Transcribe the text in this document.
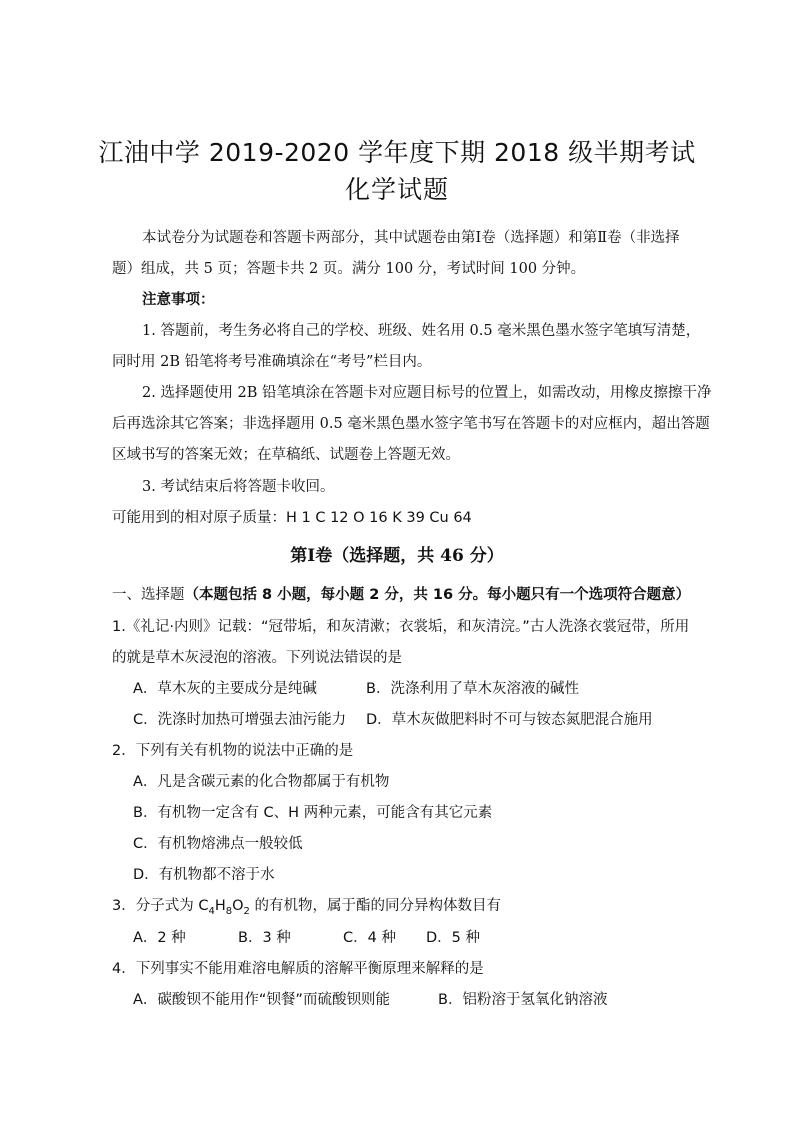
江油中学 2019-2020 学年度下期 2018 级半期考试
化学试题
本试卷分为试题卷和答题卡两部分，其中试题卷由第Ⅰ卷（选择题）和第Ⅱ卷（非选择
题）组成，共 5 页；答题卡共 2 页。满分 100 分，考试时间 100 分钟。
注意事项：
1. 答题前，考生务必将自己的学校、班级、姓名用 0.5 毫米黑色墨水签字笔填写清楚，
同时用 2B 铅笔将考号准确填涂在“考号”栏目内。
2. 选择题使用 2B 铅笔填涂在答题卡对应题目标号的位置上，如需改动，用橡皮擦擦干净
后再选涂其它答案；非选择题用 0.5 毫米黑色墨水签字笔书写在答题卡的对应框内，超出答题
区域书写的答案无效；在草稿纸、试题卷上答题无效。
3. 考试结束后将答题卡收回。
可能用到的相对原子质量：H 1 C 12 O 16 K 39 Cu 64
第Ⅰ卷（选择题，共 46 分）
一、选择题（本题包括 8 小题，每小题 2 分，共 16 分。每小题只有一个选项符合题意）
1.《礼记·内则》记载：“冠带垢，和灰清漱；衣裳垢，和灰清浣。”古人洗涤衣裳冠带，所用
的就是草木灰浸泡的溶液。下列说法错误的是
A．草木灰的主要成分是纯碱	B．洗涤利用了草木灰溶液的碱性
C．洗涤时加热可增强去油污能力 D．草木灰做肥料时不可与铵态氮肥混合施用
2．下列有关有机物的说法中正确的是
A．凡是含碳元素的化合物都属于有机物
B．有机物一定含有 C、H 两种元素，可能含有其它元素
C．有机物熔沸点一般较低
D．有机物都不溶于水
3．分子式为 $C_4H_8O_2$ 的有机物，属于酯的同分异构体数目有
A．2 种	B．3 种	C．4 种 D．5 种
4．下列事实不能用难溶电解质的溶解平衡原理来解释的是
A．碳酸钡不能用作“钡餐”而硫酸钡则能	B．铝粉溶于氢氧化钠溶液
